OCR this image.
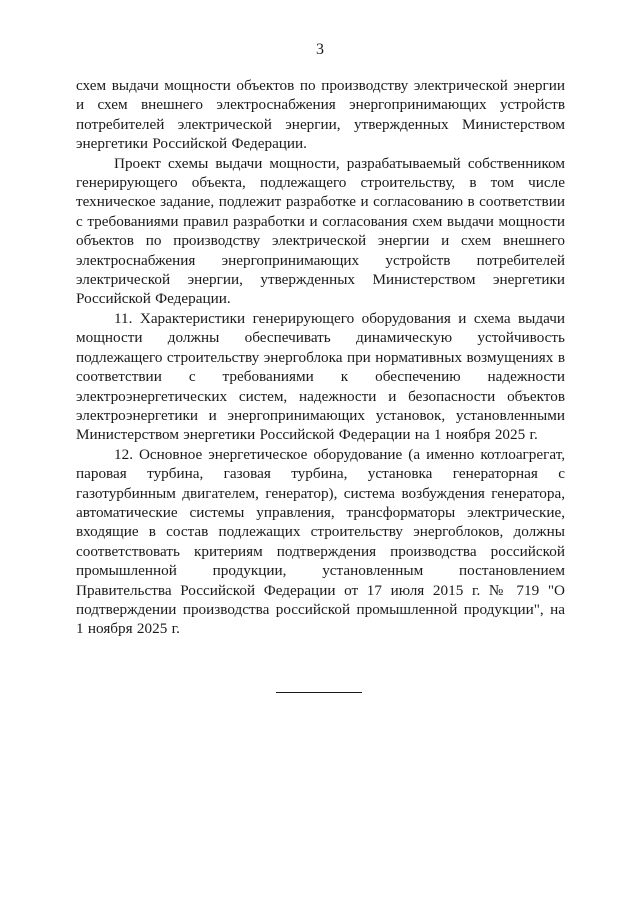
3

схем выдачи мощности объектов по производству электрической энергии и схем внешнего электроснабжения энергопринимающих устройств потребителей электрической энергии, утвержденных Министерством энергетики Российской Федерации.

Проект схемы выдачи мощности, разрабатываемый собственником генерирующего объекта, подлежащего строительству, в том числе техническое задание, подлежит разработке и согласованию в соответствии с требованиями правил разработки и согласования схем выдачи мощности объектов по производству электрической энергии и схем внешнего электроснабжения энергопринимающих устройств потребителей электрической энергии, утвержденных Министерством энергетики Российской Федерации.

11. Характеристики генерирующего оборудования и схема выдачи мощности должны обеспечивать динамическую устойчивость подлежащего строительству энергоблока при нормативных возмущениях в соответствии с требованиями к обеспечению надежности электроэнергетических систем, надежности и безопасности объектов электроэнергетики и энергопринимающих установок, установленными Министерством энергетики Российской Федерации на 1 ноября 2025 г.

12. Основное энергетическое оборудование (а именно котлоагрегат, паровая турбина, газовая турбина, установка генераторная с газотурбинным двигателем, генератор), система возбуждения генератора, автоматические системы управления, трансформаторы электрические, входящие в состав подлежащих строительству энергоблоков, должны соответствовать критериям подтверждения производства российской промышленной продукции, установленным постановлением Правительства Российской Федерации от 17 июля 2015 г. № 719 "О подтверждении производства российской промышленной продукции", на 1 ноября 2025 г.
